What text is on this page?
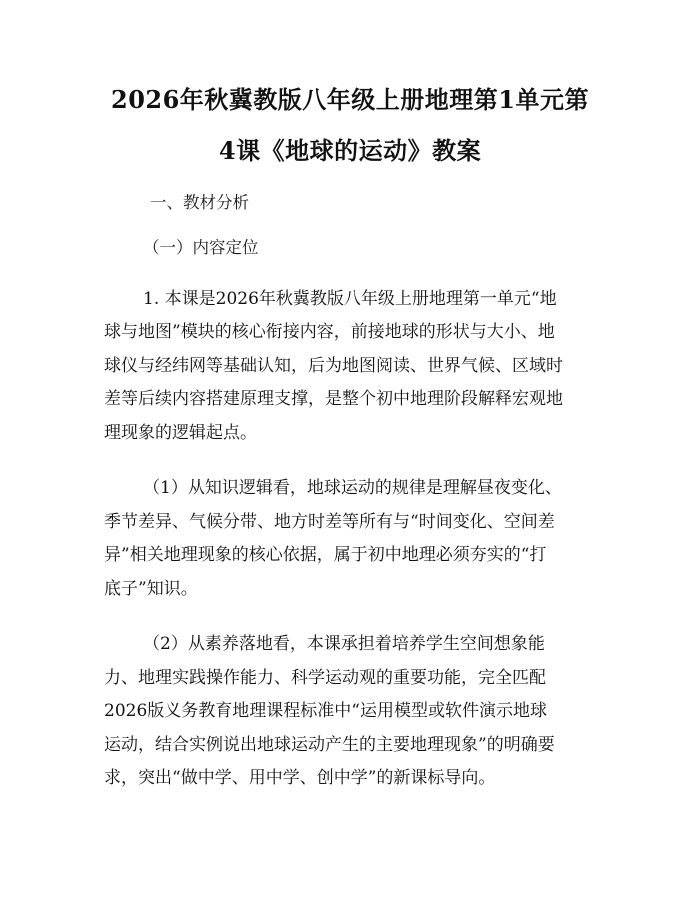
2026年秋冀教版八年级上册地理第1单元第
4课《地球的运动》教案
一、教材分析
（一）内容定位
1. 本课是2026年秋冀教版八年级上册地理第一单元“地
球与地图”模块的核心衔接内容，前接地球的形状与大小、地
球仪与经纬网等基础认知，后为地图阅读、世界气候、区域时
差等后续内容搭建原理支撑，是整个初中地理阶段解释宏观地
理现象的逻辑起点。
（1）从知识逻辑看，地球运动的规律是理解昼夜变化、
季节差异、气候分带、地方时差等所有与“时间变化、空间差
异”相关地理现象的核心依据，属于初中地理必须夯实的“打
底子”知识。
（2）从素养落地看，本课承担着培养学生空间想象能
力、地理实践操作能力、科学运动观的重要功能，完全匹配
2026版义务教育地理课程标准中“运用模型或软件演示地球
运动，结合实例说出地球运动产生的主要地理现象”的明确要
求，突出“做中学、用中学、创中学”的新课标导向。
